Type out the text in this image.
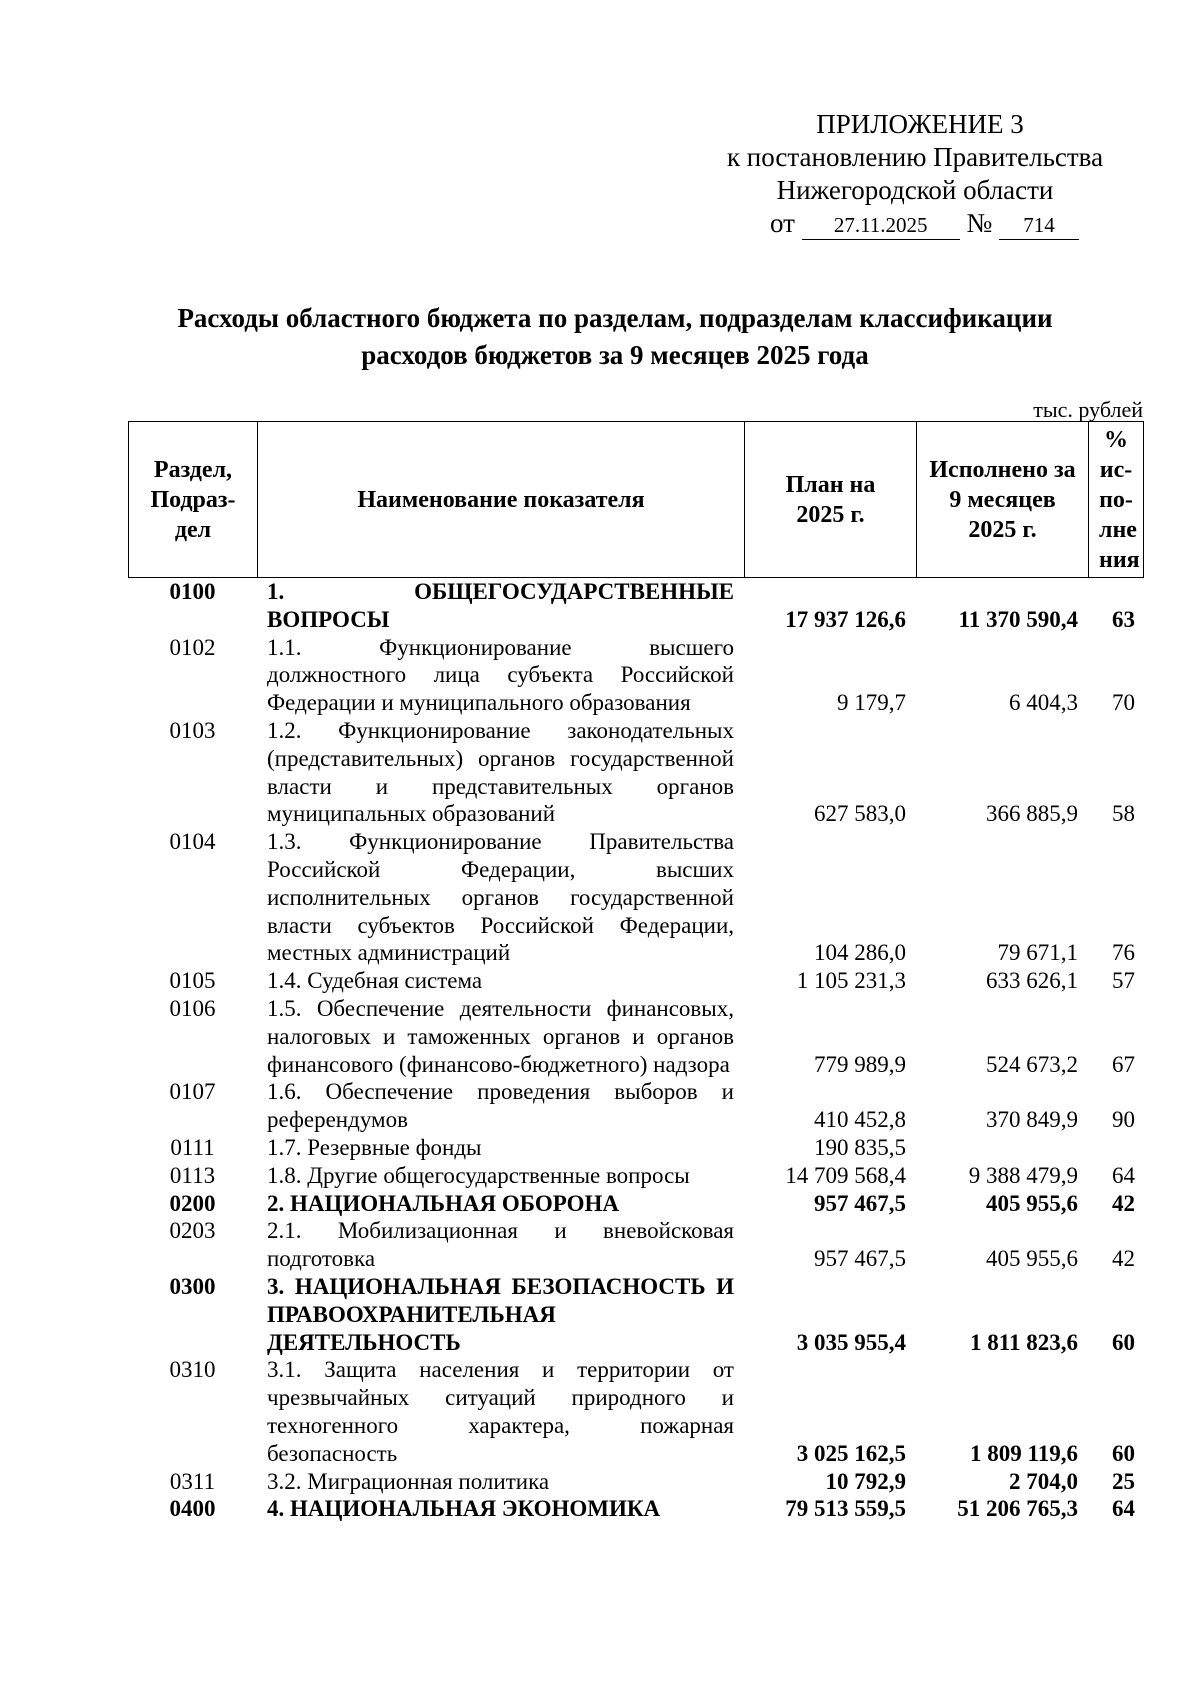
ПРИЛОЖЕНИЕ 3
к постановлению Правительства
Нижегородской области
от 27.11.2025 № 714
Расходы областного бюджета по разделам, подразделам классификации
расходов бюджетов за 9 месяцев 2025 года
тыс. рублей
Раздел, Подраз-дел	Наименование показателя	План на 2025 г.	Исполнено за 9 месяцев 2025 г.	% ис-по-лне ния
0100	1. ОБЩЕГОСУДАРСТВЕННЫЕ ВОПРОСЫ	17 937 126,6	11 370 590,4	63
0102	1.1. Функционирование высшего должностного лица субъекта Российской Федерации и муниципального образования	9 179,7	6 404,3	70
0103	1.2. Функционирование законодательных (представительных) органов государственной власти и представительных органов муниципальных образований	627 583,0	366 885,9	58
0104	1.3. Функционирование Правительства Российской Федерации, высших исполнительных органов государственной власти субъектов Российской Федерации, местных администраций	104 286,0	79 671,1	76
0105	1.4. Судебная система	1 105 231,3	633 626,1	57
0106	1.5. Обеспечение деятельности финансовых, налоговых и таможенных органов и органов финансового (финансово-бюджетного) надзора	779 989,9	524 673,2	67
0107	1.6. Обеспечение проведения выборов и референдумов	410 452,8	370 849,9	90
0111	1.7. Резервные фонды	190 835,5		
0113	1.8. Другие общегосударственные вопросы	14 709 568,4	9 388 479,9	64
0200	2. НАЦИОНАЛЬНАЯ ОБОРОНА	957 467,5	405 955,6	42
0203	2.1. Мобилизационная и вневойсковая подготовка	957 467,5	405 955,6	42
0300	3. НАЦИОНАЛЬНАЯ БЕЗОПАСНОСТЬ И ПРАВООХРАНИТЕЛЬНАЯ ДЕЯТЕЛЬНОСТЬ	3 035 955,4	1 811 823,6	60
0310	3.1. Защита населения и территории от чрезвычайных ситуаций природного и техногенного характера, пожарная безопасность	3 025 162,5	1 809 119,6	60
0311	3.2. Миграционная политика	10 792,9	2 704,0	25
0400	4. НАЦИОНАЛЬНАЯ ЭКОНОМИКА	79 513 559,5	51 206 765,3	64
